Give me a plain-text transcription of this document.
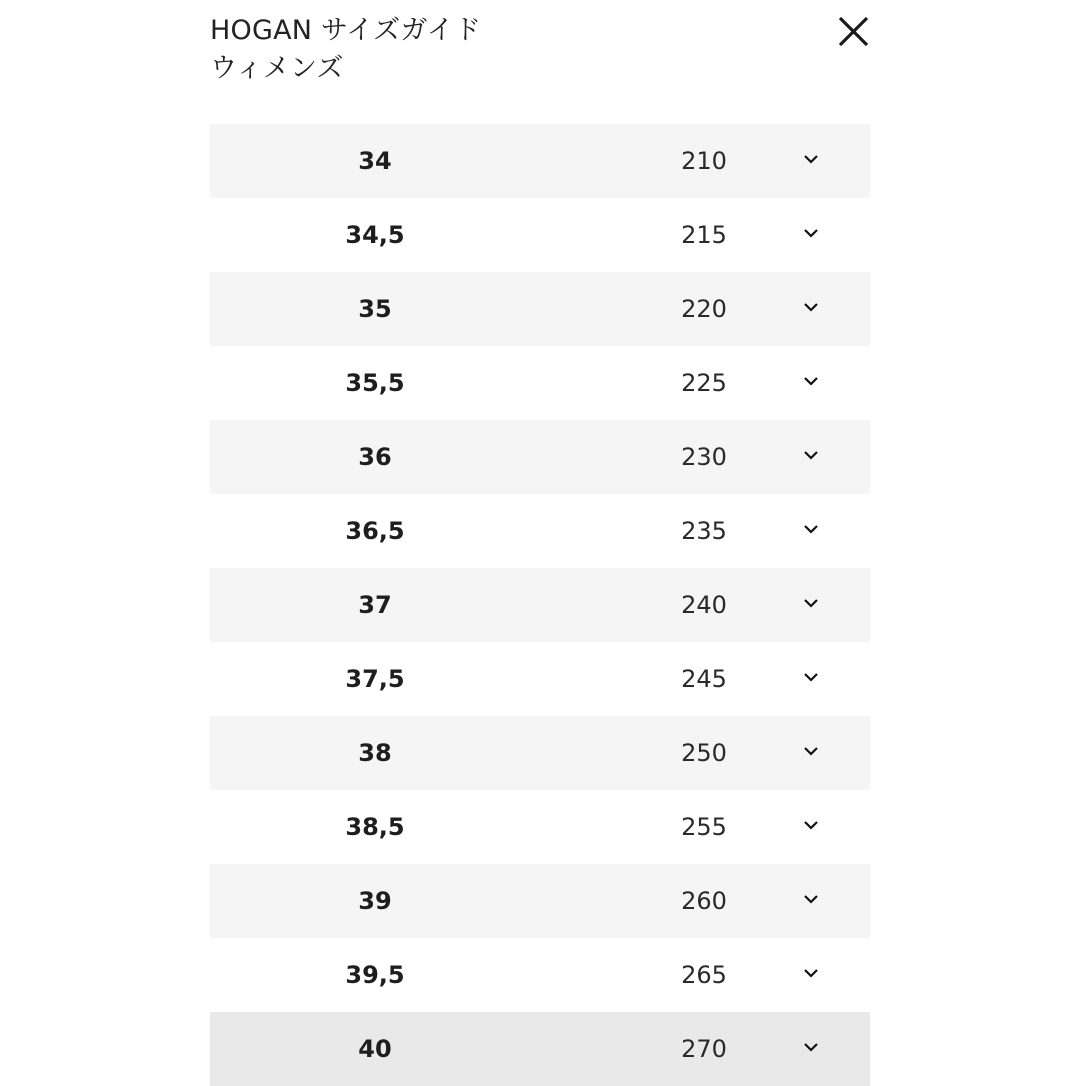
HOGAN サイズガイド
ウィメンズ
34	210
34,5	215
35	220
35,5	225
36	230
36,5	235
37	240
37,5	245
38	250
38,5	255
39	260
39,5	265
40	270
